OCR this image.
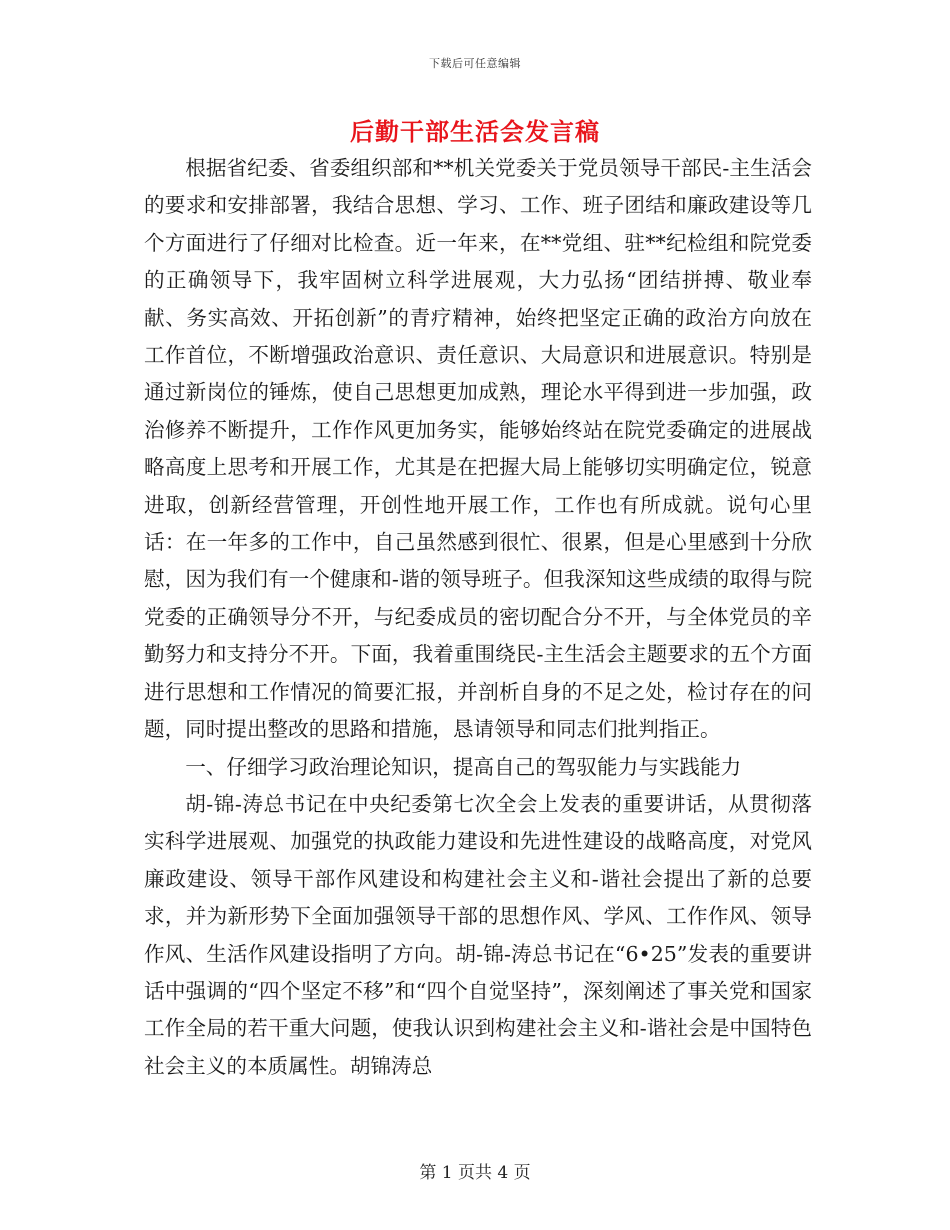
下载后可任意编辑
后勤干部生活会发言稿

根据省纪委、省委组织部和**机关党委关于党员领导干部民-主生活会的要求和安排部署，我结合思想、学习、工作、班子团结和廉政建设等几个方面进行了仔细对比检查。近一年来，在**党组、驻**纪检组和院党委的正确领导下，我牢固树立科学进展观，大力弘扬“团结拼搏、敬业奉献、务实高效、开拓创新”的青疗精神，始终把坚定正确的政治方向放在工作首位，不断增强政治意识、责任意识、大局意识和进展意识。特别是通过新岗位的锤炼，使自己思想更加成熟，理论水平得到进一步加强，政治修养不断提升，工作作风更加务实，能够始终站在院党委确定的进展战略高度上思考和开展工作，尤其是在把握大局上能够切实明确定位，锐意进取，创新经营管理，开创性地开展工作，工作也有所成就。说句心里话：在一年多的工作中，自己虽然感到很忙、很累，但是心里感到十分欣慰，因为我们有一个健康和-谐的领导班子。但我深知这些成绩的取得与院党委的正确领导分不开，与纪委成员的密切配合分不开，与全体党员的辛勤努力和支持分不开。下面，我着重围绕民-主生活会主题要求的五个方面进行思想和工作情况的简要汇报，并剖析自身的不足之处，检讨存在的问题，同时提出整改的思路和措施，恳请领导和同志们批判指正。

一、仔细学习政治理论知识，提高自己的驾驭能力与实践能力

胡-锦-涛总书记在中央纪委第七次全会上发表的重要讲话，从贯彻落实科学进展观、加强党的执政能力建设和先进性建设的战略高度，对党风廉政建设、领导干部作风建设和构建社会主义和-谐社会提出了新的总要求，并为新形势下全面加强领导干部的思想作风、学风、工作作风、领导作风、生活作风建设指明了方向。胡-锦-涛总书记在“6•25”发表的重要讲话中强调的“四个坚定不移”和“四个自觉坚持”，深刻阐述了事关党和国家工作全局的若干重大问题，使我认识到构建社会主义和-谐社会是中国特色社会主义的本质属性。胡锦涛总

第 1 页共 4 页
